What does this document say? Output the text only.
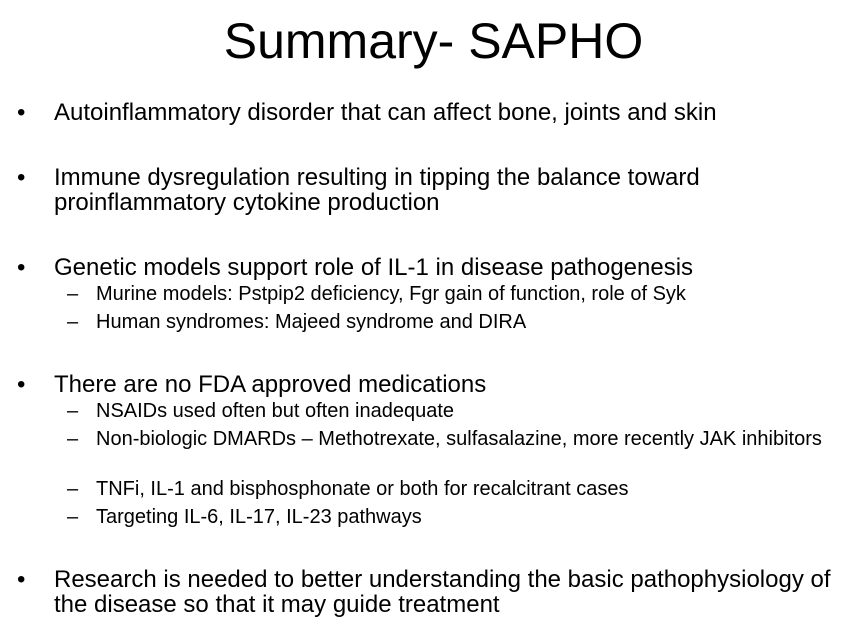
Summary- SAPHO
• Autoinflammatory disorder that can affect bone, joints and skin
• Immune dysregulation resulting in tipping the balance toward proinflammatory cytokine production
• Genetic models support role of IL-1 in disease pathogenesis
– Murine models: Pstpip2 deficiency, Fgr gain of function, role of Syk
– Human syndromes: Majeed syndrome and DIRA
• There are no FDA approved medications
– NSAIDs used often but often inadequate
– Non-biologic DMARDs – Methotrexate, sulfasalazine, more recently JAK inhibitors
– TNFi, IL-1 and bisphosphonate or both for recalcitrant cases
– Targeting IL-6, IL-17, IL-23 pathways
• Research is needed to better understanding the basic pathophysiology of the disease so that it may guide treatment
